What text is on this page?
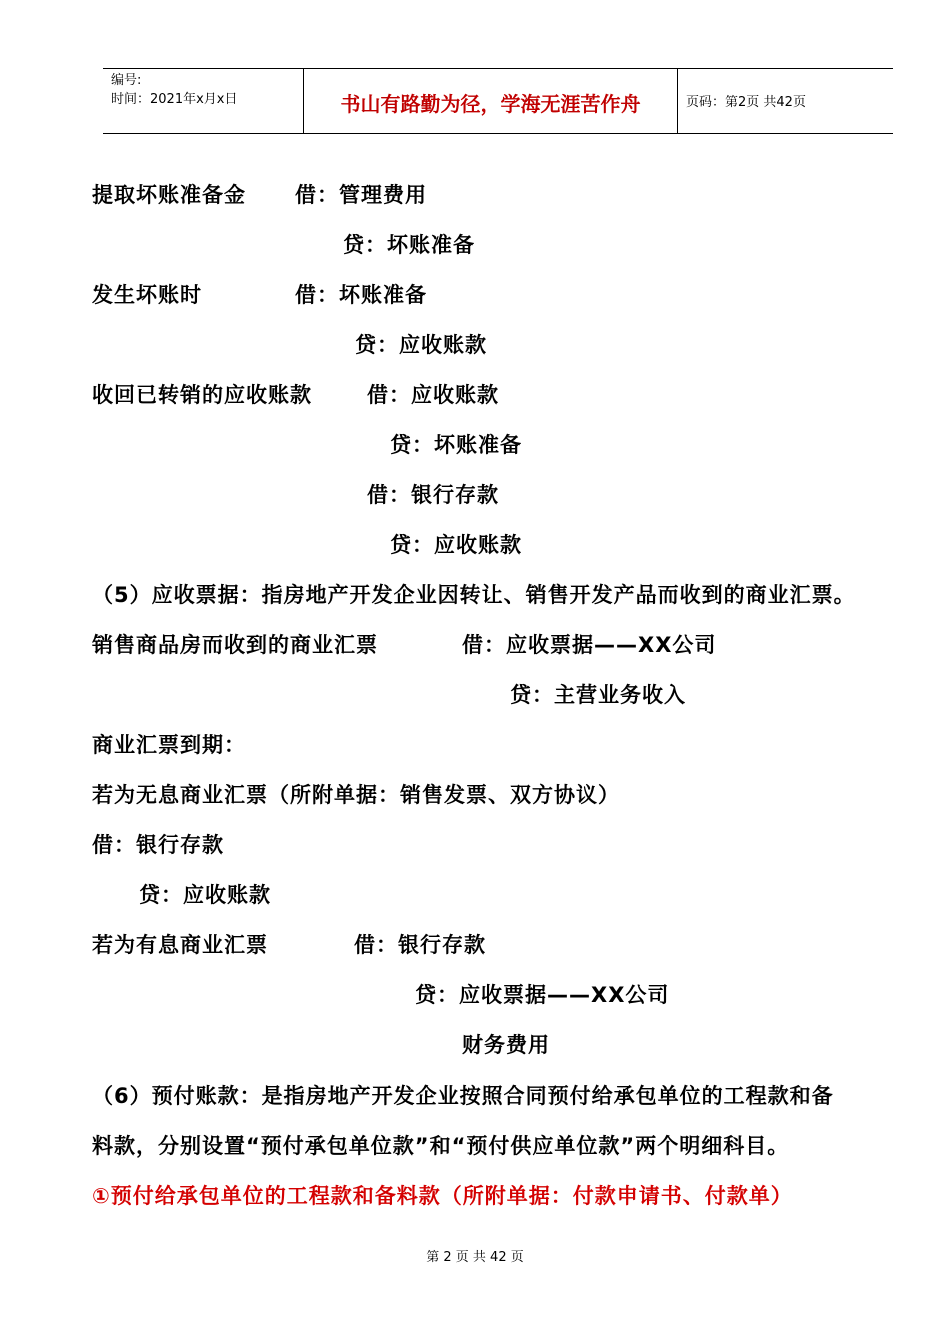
编号:
时间：2021年x月x日	书山有路勤为径，学海无涯苦作舟	页码：第2页 共42页
提取坏账准备金 借：管理费用
贷：坏账准备
发生坏账时	借：坏账准备
贷：应收账款
收回已转销的应收账款	借：应收账款
贷：坏账准备
借：银行存款
贷：应收账款
（5）应收票据：指房地产开发企业因转让、销售开发产品而收到的商业汇票。
销售商品房而收到的商业汇票	借：应收票据——XX公司
贷：主营业务收入
商业汇票到期：
若为无息商业汇票（所附单据：销售发票、双方协议）
借：银行存款
贷：应收账款
若为有息商业汇票	借：银行存款
贷：应收票据——XX公司
财务费用
（6）预付账款：是指房地产开发企业按照合同预付给承包单位的工程款和备
料款，分别设置“预付承包单位款”和“预付供应单位款”两个明细科目。
①预付给承包单位的工程款和备料款（所附单据：付款申请书、付款单）
第 2 页 共 42 页
